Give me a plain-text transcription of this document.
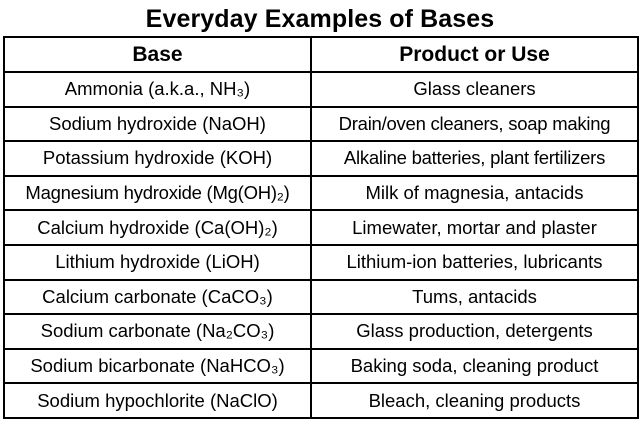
Everyday Examples of Bases
Base	Product or Use
Ammonia (a.k.a., NH₃)	Glass cleaners
Sodium hydroxide (NaOH)	Drain/oven cleaners, soap making
Potassium hydroxide (KOH)	Alkaline batteries, plant fertilizers
Magnesium hydroxide (Mg(OH)₂)	Milk of magnesia, antacids
Calcium hydroxide (Ca(OH)₂)	Limewater, mortar and plaster
Lithium hydroxide (LiOH)	Lithium-ion batteries, lubricants
Calcium carbonate (CaCO₃)	Tums, antacids
Sodium carbonate (Na₂CO₃)	Glass production, detergents
Sodium bicarbonate (NaHCO₃)	Baking soda, cleaning product
Sodium hypochlorite (NaClO)	Bleach, cleaning products
